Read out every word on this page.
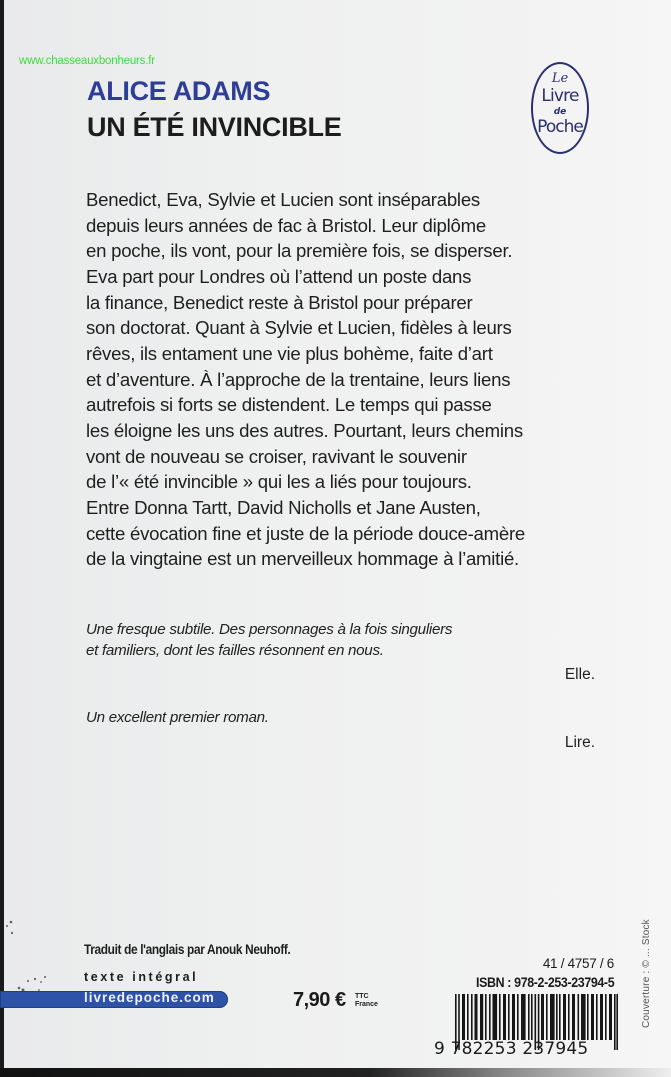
www.chasseauxbonheurs.fr
ALICE ADAMS
UN ÉTÉ INVINCIBLE
Le
Livre
de
Poche
Benedict, Eva, Sylvie et Lucien sont inséparables
depuis leurs années de fac à Bristol. Leur diplôme
en poche, ils vont, pour la première fois, se disperser.
Eva part pour Londres où l’attend un poste dans
la finance, Benedict reste à Bristol pour préparer
son doctorat. Quant à Sylvie et Lucien, fidèles à leurs
rêves, ils entament une vie plus bohème, faite d’art
et d’aventure. À l’approche de la trentaine, leurs liens
autrefois si forts se distendent. Le temps qui passe
les éloigne les uns des autres. Pourtant, leurs chemins
vont de nouveau se croiser, ravivant le souvenir
de l’« été invincible » qui les a liés pour toujours.
Entre Donna Tartt, David Nicholls et Jane Austen,
cette évocation fine et juste de la période douce-amère
de la vingtaine est un merveilleux hommage à l’amitié.
Une fresque subtile. Des personnages à la fois singuliers
et familiers, dont les failles résonnent en nous.
Elle.
Un excellent premier roman.
Lire.
Traduit de l'anglais par Anouk Neuhoff.
texte intégral
livredepoche.com	7,90 € TTC
France
41 / 4757 / 6
ISBN : 978-2-253-23794-5
9 782253 237945
Couverture : © ... Stock
